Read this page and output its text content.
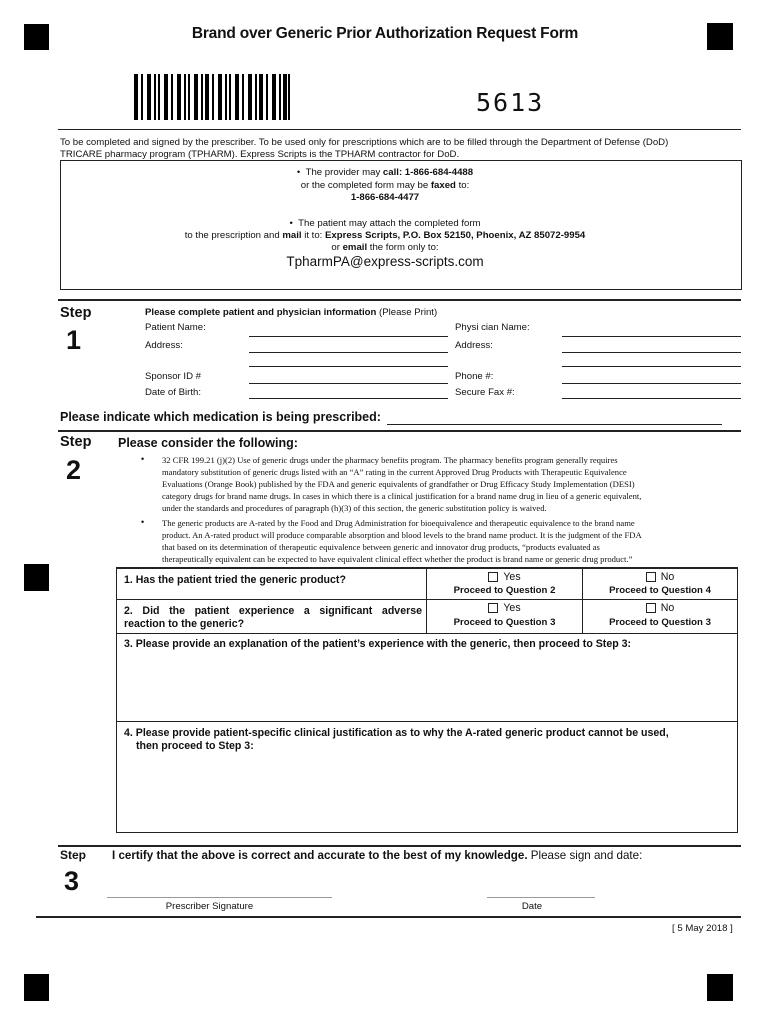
Brand over Generic Prior Authorization Request Form
5613
To be completed and signed by the prescriber. To be used only for prescriptions which are to be filled through the Department of Defense (DoD)
TRICARE pharmacy program (TPHARM). Express Scripts is the TPHARM contractor for DoD.
•  The provider may call: 1-866-684-4488
or the completed form may be faxed to:
1-866-684-4477
•  The patient may attach the completed form
to the prescription and mail it to: Express Scripts, P.O. Box 52150, Phoenix, AZ 85072-9954
or email the form only to:
TpharmPA@express-scripts.com
Step
1
Please complete patient and physician information (Please Print)
Patient Name:
Address:
Sponsor ID #
Date of Birth:
Physi cian Name:
Address:
Phone #:
Secure Fax #:
Please indicate which medication is being prescribed:
Step
2
Please consider the following:
• 32 CFR 199.21 (j)(2) Use of generic drugs under the pharmacy benefits program. The pharmacy benefits program generally requires
mandatory substitution of generic drugs listed with an “A” rating in the current Approved Drug Products with Therapeutic Equivalence
Evaluations (Orange Book) published by the FDA and generic equivalents of grandfather or Drug Efficacy Study Implementation (DESI)
category drugs for brand name drugs. In cases in which there is a clinical justification for a brand name drug in lieu of a generic equivalent,
under the standards and procedures of paragraph (h)(3) of this section, the generic substitution policy is waived.
• The generic products are A-rated by the Food and Drug Administration for bioequivalence and therapeutic equivalence to the brand name
product. An A-rated product will produce comparable absorption and blood levels to the brand name product. It is the judgment of the FDA
that based on its determination of therapeutic equivalence between generic and innovator drug products, “products evaluated as
therapeutically equivalent can be expected to have equivalent clinical effect whether the product is brand name or generic drug product.”
1. Has the patient tried the generic product?	Yes
Proceed to Question 2
No
Proceed to Question 4
2. Did the patient experience a significant adverse
reaction to the generic?
Yes
Proceed to Question 3
No
Proceed to Question 3
3. Please provide an explanation of the patient’s experience with the generic, then proceed to Step 3:
4. Please provide patient-specific clinical justification as to why the A-rated generic product cannot be used,
then proceed to Step 3:
Step
3
I certify that the above is correct and accurate to the best of my knowledge. Please sign and date:
Prescriber Signature	Date
[ 5 May 2018 ]
